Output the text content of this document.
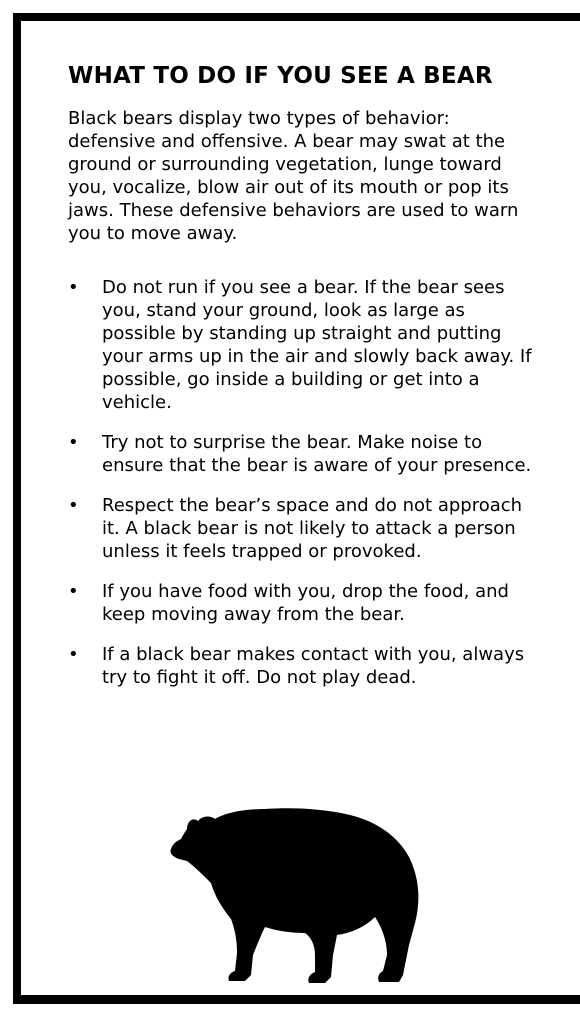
WHAT TO DO IF YOU SEE A BEAR

Black bears display two types of behavior: defensive and offensive. A bear may swat at the ground or surrounding vegetation, lunge toward you, vocalize, blow air out of its mouth or pop its jaws. These defensive behaviors are used to warn you to move away.

• Do not run if you see a bear. If the bear sees you, stand your ground, look as large as possible by standing up straight and putting your arms up in the air and slowly back away. If possible, go inside a building or get into a vehicle.
• Try not to surprise the bear. Make noise to ensure that the bear is aware of your presence.
• Respect the bear’s space and do not approach it. A black bear is not likely to attack a person unless it feels trapped or provoked.
• If you have food with you, drop the food, and keep moving away from the bear.
• If a black bear makes contact with you, always try to fight it off. Do not play dead.
